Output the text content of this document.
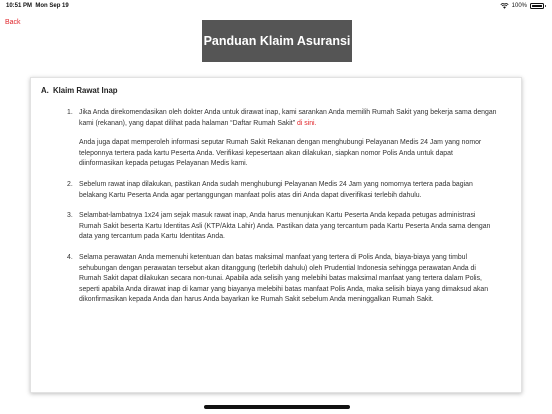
10:51 PM Mon Sep 19	100%
Back
Panduan Klaim Asuransi
A. Klaim Rawat Inap
1. Jika Anda direkomendasikan oleh dokter Anda untuk dirawat inap, kami sarankan Anda memilih Rumah Sakit yang bekerja sama dengan kami (rekanan), yang dapat dilihat pada halaman “Daftar Rumah Sakit” di sini.

Anda juga dapat memperoleh informasi seputar Rumah Sakit Rekanan dengan menghubungi Pelayanan Medis 24 Jam yang nomor teleponnya tertera pada kartu Peserta Anda. Verifikasi kepesertaan akan dilakukan, siapkan nomor Polis Anda untuk dapat diinformasikan kepada petugas Pelayanan Medis kami.

2. Sebelum rawat inap dilakukan, pastikan Anda sudah menghubungi Pelayanan Medis 24 Jam yang nomornya tertera pada bagian belakang Kartu Peserta Anda agar pertanggungan manfaat polis atas diri Anda dapat diverifikasi terlebih dahulu.

3. Selambat-lambatnya 1x24 jam sejak masuk rawat inap, Anda harus menunjukan Kartu Peserta Anda kepada petugas administrasi Rumah Sakit beserta Kartu Identitas Asli (KTP/Akta Lahir) Anda. Pastikan data yang tercantum pada Kartu Peserta Anda sama dengan data yang tercantum pada Kartu Identitas Anda.

4. Selama perawatan Anda memenuhi ketentuan dan batas maksimal manfaat yang tertera di Polis Anda, biaya-biaya yang timbul sehubungan dengan perawatan tersebut akan ditanggung (terlebih dahulu) oleh Prudential Indonesia sehingga perawatan Anda di Rumah Sakit dapat dilakukan secara non-tunai. Apabila ada selisih yang melebihi batas maksimal manfaat yang tertera dalam Polis, seperti apabila Anda dirawat inap di kamar yang biayanya melebihi batas manfaat Polis Anda, maka selisih biaya yang dimaksud akan dikonfirmasikan kepada Anda dan harus Anda bayarkan ke Rumah Sakit sebelum Anda meninggalkan Rumah Sakit.
